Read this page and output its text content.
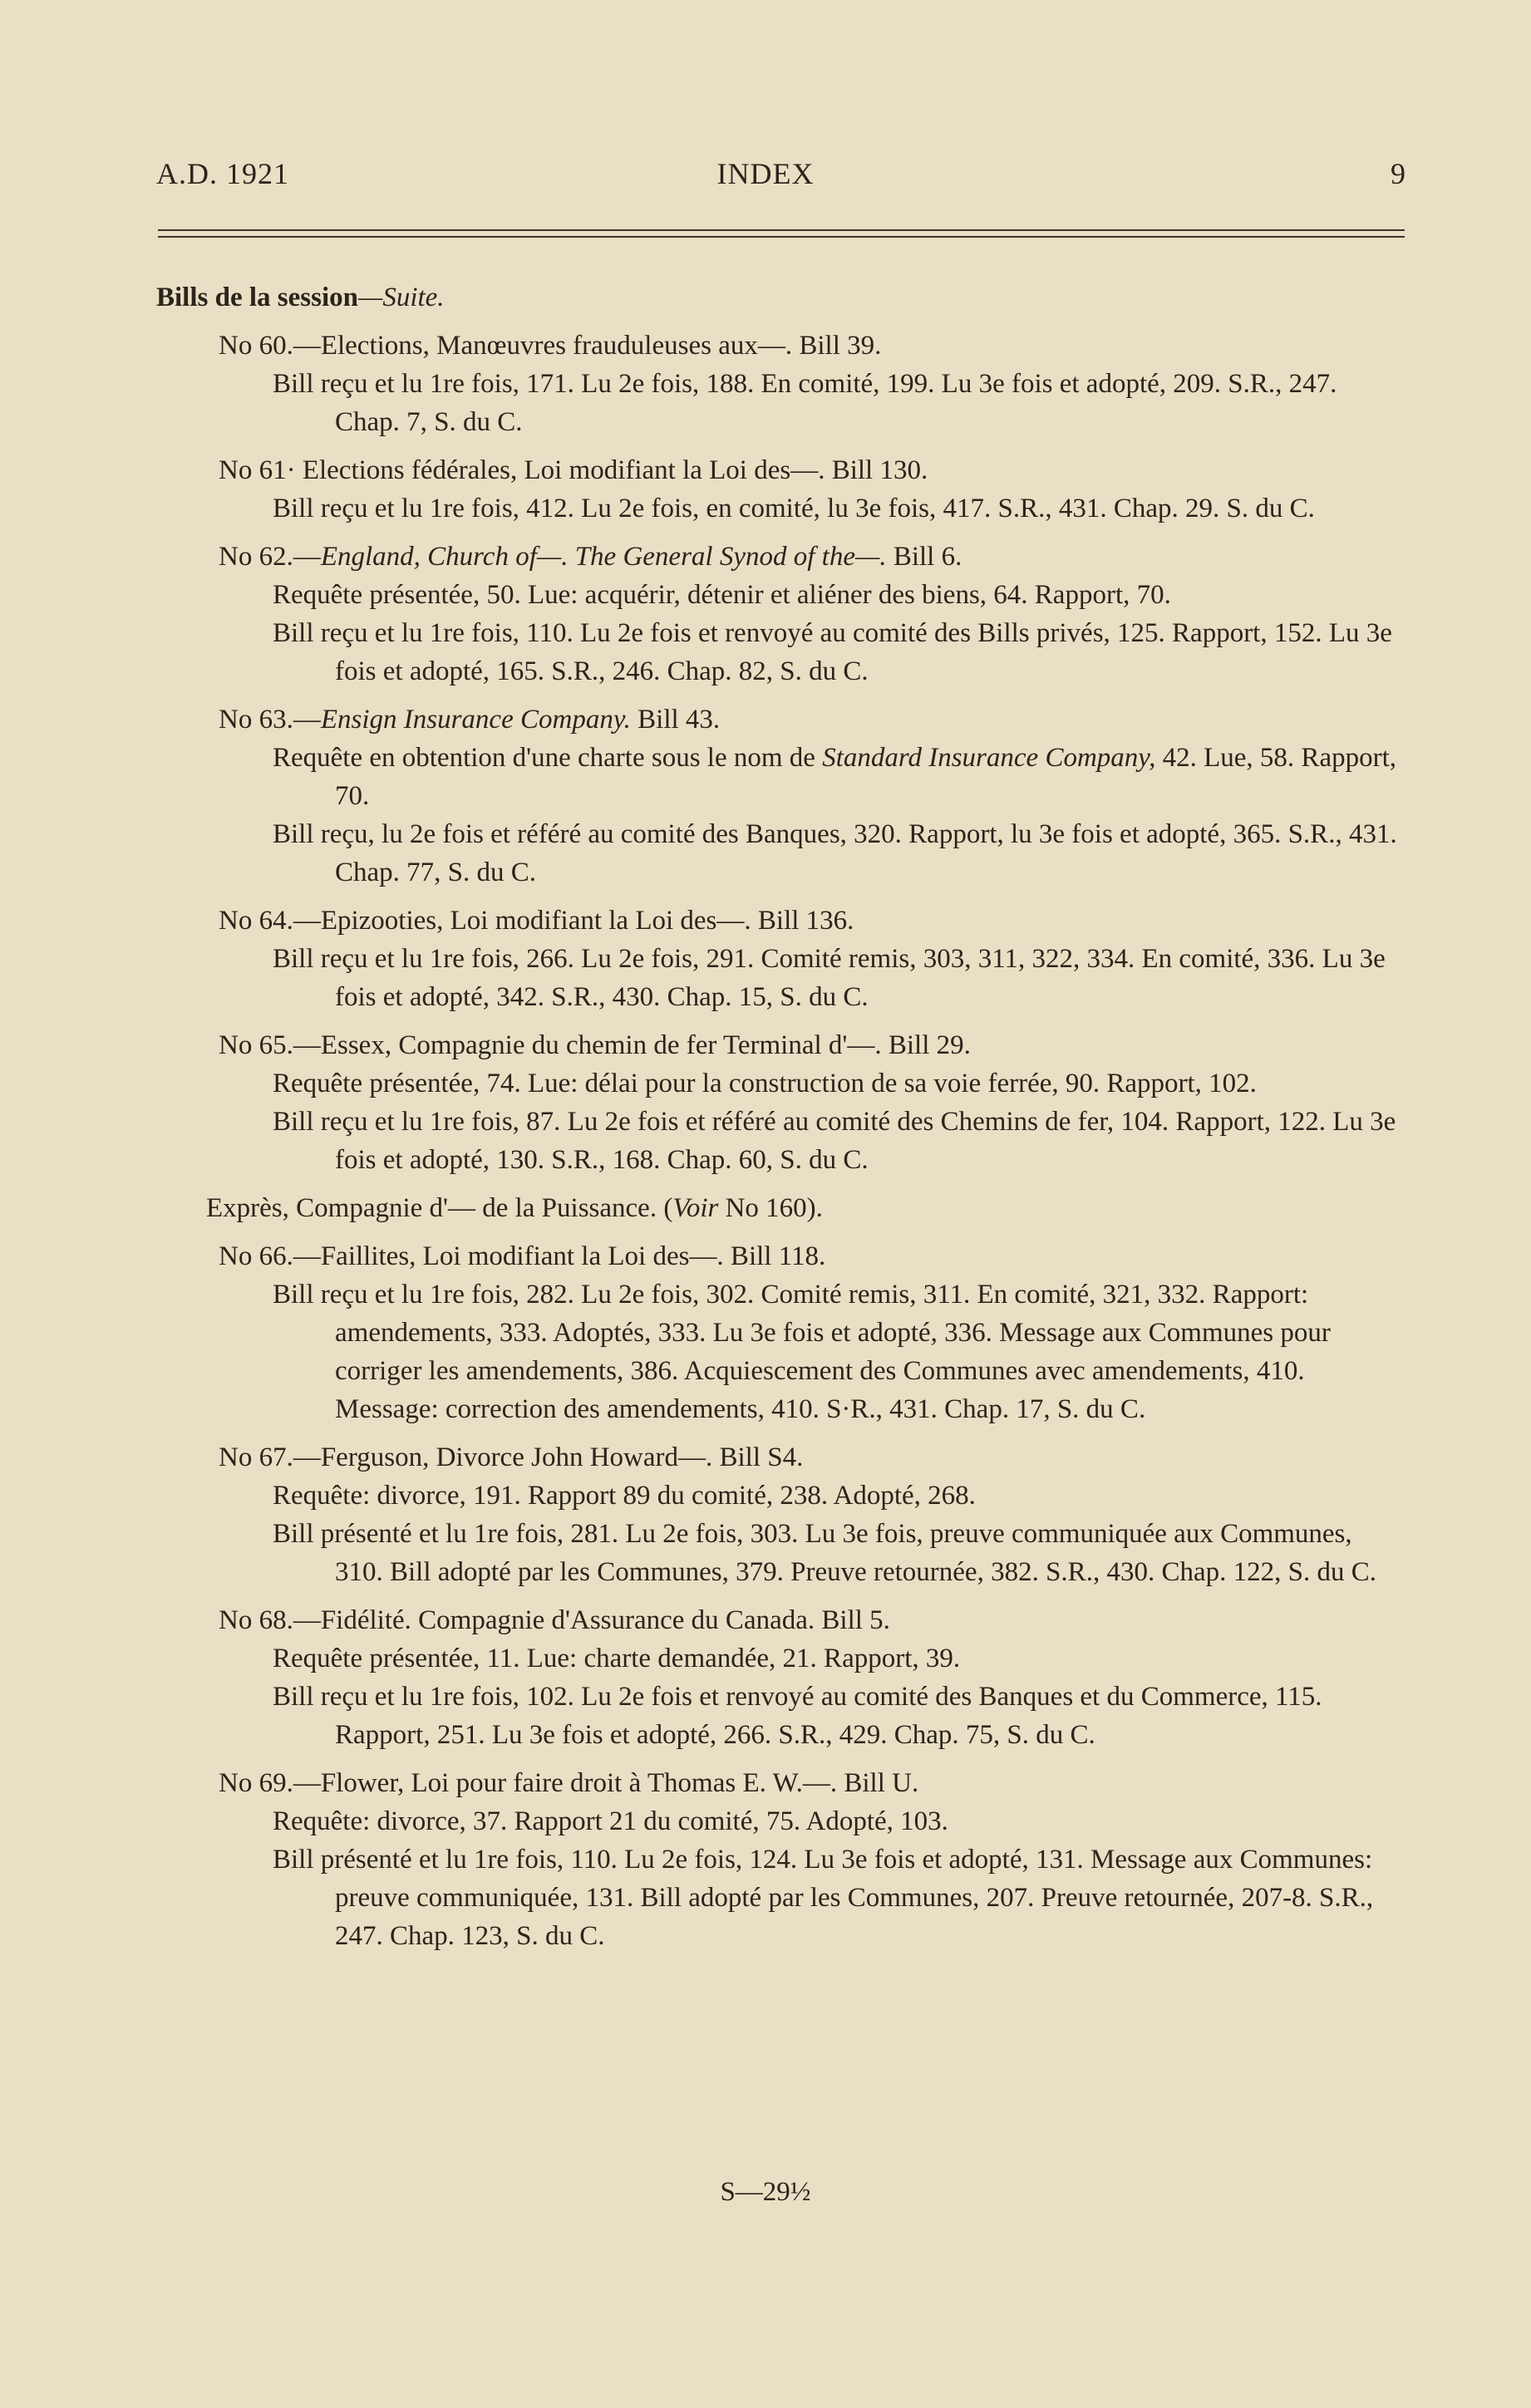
A.D. 1921	INDEX	9
Bills de la session—Suite.
No 60.—Elections, Manœuvres frauduleuses aux—. Bill 39.
Bill reçu et lu 1re fois, 171. Lu 2e fois, 188. En comité, 199. Lu 3e fois et adopté, 209. S.R., 247. Chap. 7, S. du C.
No 61· Elections fédérales, Loi modifiant la Loi des—. Bill 130.
Bill reçu et lu 1re fois, 412. Lu 2e fois, en comité, lu 3e fois, 417. S.R., 431. Chap. 29. S. du C.
No 62.—England, Church of—. The General Synod of the—. Bill 6.
Requête présentée, 50. Lue: acquérir, détenir et aliéner des biens, 64. Rapport, 70.
Bill reçu et lu 1re fois, 110. Lu 2e fois et renvoyé au comité des Bills privés, 125. Rapport, 152. Lu 3e fois et adopté, 165. S.R., 246. Chap. 82, S. du C.
No 63.—Ensign Insurance Company. Bill 43.
Requête en obtention d'une charte sous le nom de Standard Insurance Company, 42. Lue, 58. Rapport, 70.
Bill reçu, lu 2e fois et référé au comité des Banques, 320. Rapport, lu 3e fois et adopté, 365. S.R., 431. Chap. 77, S. du C.
No 64.—Epizooties, Loi modifiant la Loi des—. Bill 136.
Bill reçu et lu 1re fois, 266. Lu 2e fois, 291. Comité remis, 303, 311, 322, 334. En comité, 336. Lu 3e fois et adopté, 342. S.R., 430. Chap. 15, S. du C.
No 65.—Essex, Compagnie du chemin de fer Terminal d'—. Bill 29.
Requête présentée, 74. Lue: délai pour la construction de sa voie ferrée, 90. Rapport, 102.
Bill reçu et lu 1re fois, 87. Lu 2e fois et référé au comité des Chemins de fer, 104. Rapport, 122. Lu 3e fois et adopté, 130. S.R., 168. Chap. 60, S. du C.
Exprès, Compagnie d'— de la Puissance. (Voir No 160).
No 66.—Faillites, Loi modifiant la Loi des—. Bill 118.
Bill reçu et lu 1re fois, 282. Lu 2e fois, 302. Comité remis, 311. En comité, 321, 332. Rapport: amendements, 333. Adoptés, 333. Lu 3e fois et adopté, 336. Message aux Communes pour corriger les amendements, 386. Acquiescement des Communes avec amendements, 410. Message: correction des amendements, 410. S·R., 431. Chap. 17, S. du C.
No 67.—Ferguson, Divorce John Howard—. Bill S4.
Requête: divorce, 191. Rapport 89 du comité, 238. Adopté, 268.
Bill présenté et lu 1re fois, 281. Lu 2e fois, 303. Lu 3e fois, preuve communiquée aux Communes, 310. Bill adopté par les Communes, 379. Preuve retournée, 382. S.R., 430. Chap. 122, S. du C.
No 68.—Fidélité. Compagnie d'Assurance du Canada. Bill 5.
Requête présentée, 11. Lue: charte demandée, 21. Rapport, 39.
Bill reçu et lu 1re fois, 102. Lu 2e fois et renvoyé au comité des Banques et du Commerce, 115. Rapport, 251. Lu 3e fois et adopté, 266. S.R., 429. Chap. 75, S. du C.
No 69.—Flower, Loi pour faire droit à Thomas E. W.—. Bill U.
Requête: divorce, 37. Rapport 21 du comité, 75. Adopté, 103.
Bill présenté et lu 1re fois, 110. Lu 2e fois, 124. Lu 3e fois et adopté, 131. Message aux Communes: preuve communiquée, 131. Bill adopté par les Communes, 207. Preuve retournée, 207-8. S.R., 247. Chap. 123, S. du C.
S—29½
